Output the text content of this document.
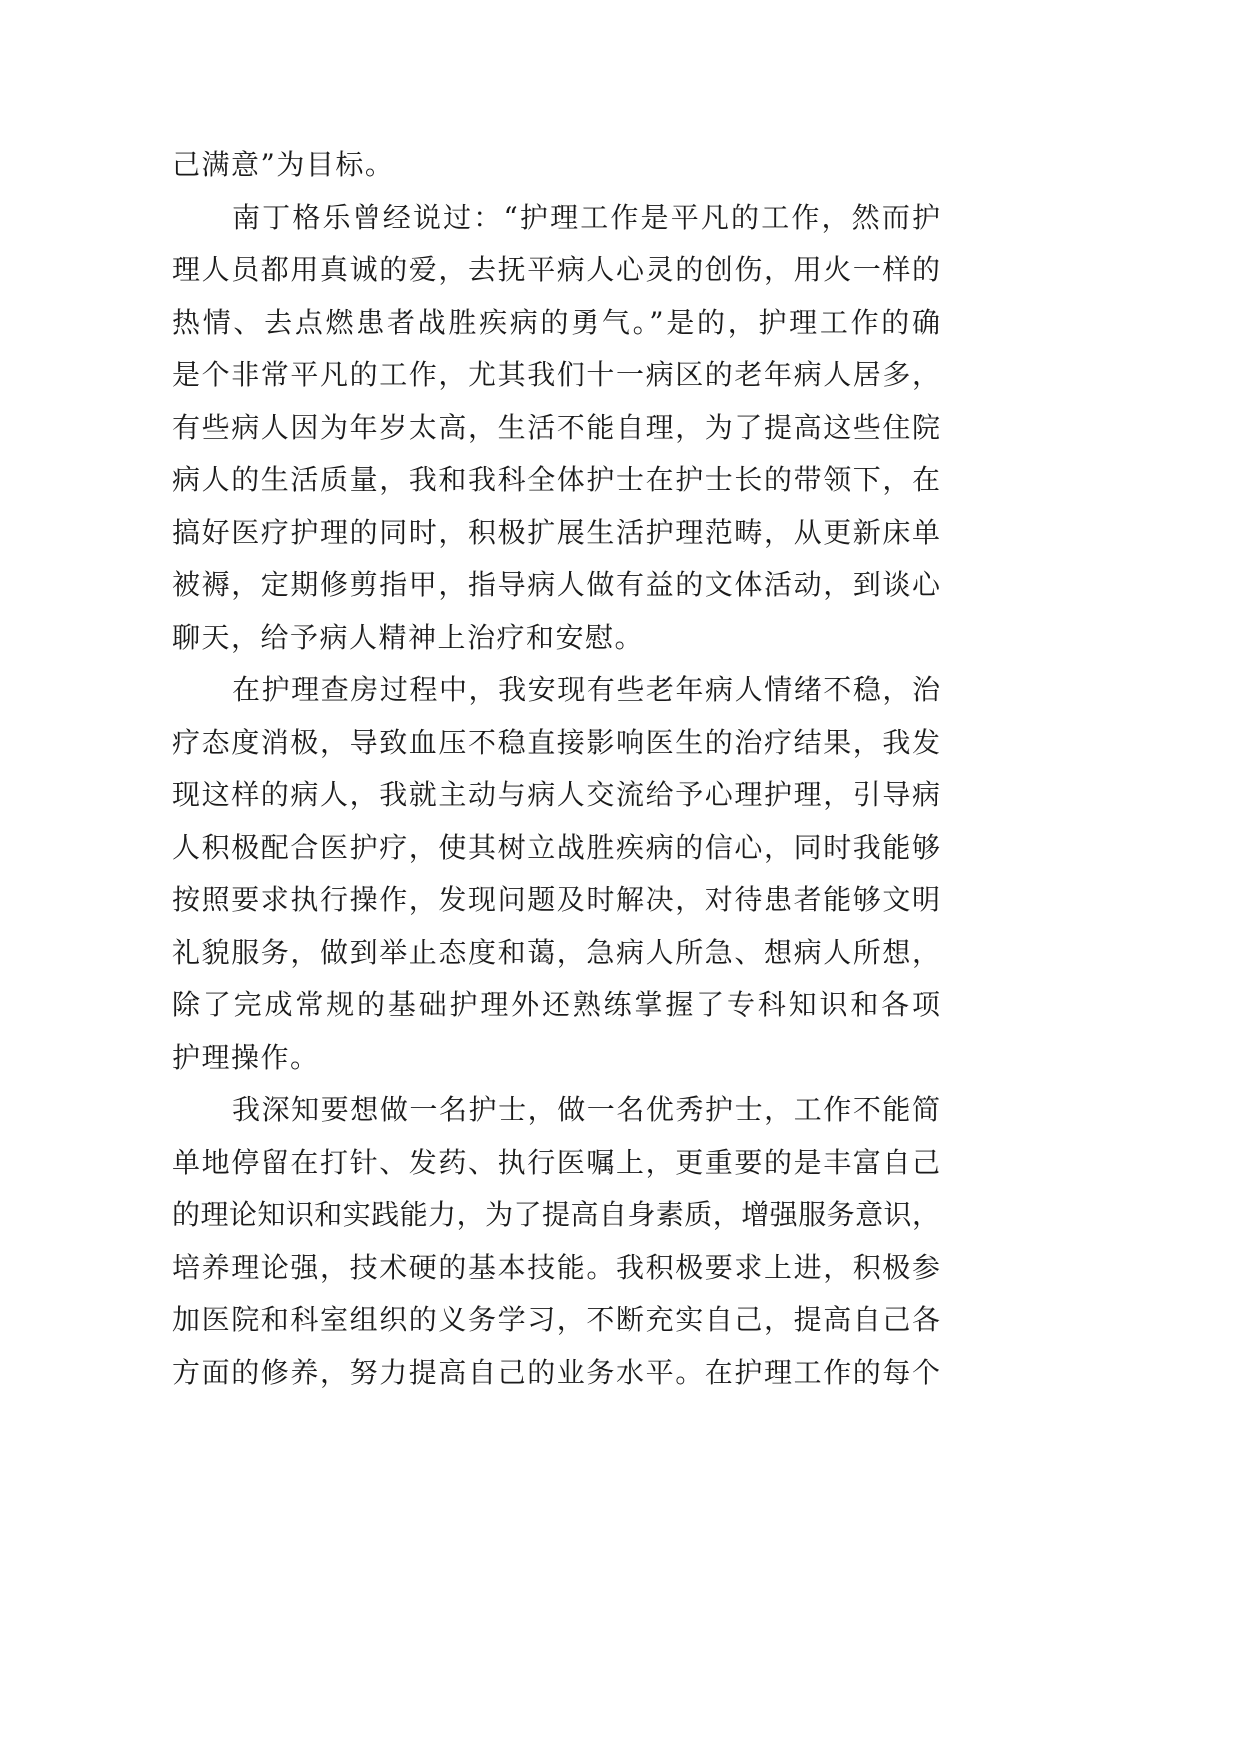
己满意”为目标。
南丁格乐曾经说过：“护理工作是平凡的工作，然而护
理人员都用真诚的爱，去抚平病人心灵的创伤，用火一样的
热情、去点燃患者战胜疾病的勇气。”是的，护理工作的确
是个非常平凡的工作，尤其我们十一病区的老年病人居多，
有些病人因为年岁太高，生活不能自理，为了提高这些住院
病人的生活质量，我和我科全体护士在护士长的带领下，在
搞好医疗护理的同时，积极扩展生活护理范畴，从更新床单
被褥，定期修剪指甲，指导病人做有益的文体活动，到谈心
聊天，给予病人精神上治疗和安慰。
在护理查房过程中，我安现有些老年病人情绪不稳，治
疗态度消极，导致血压不稳直接影响医生的治疗结果，我发
现这样的病人，我就主动与病人交流给予心理护理，引导病
人积极配合医护疗，使其树立战胜疾病的信心，同时我能够
按照要求执行操作，发现问题及时解决，对待患者能够文明
礼貌服务，做到举止态度和蔼，急病人所急、想病人所想，
除了完成常规的基础护理外还熟练掌握了专科知识和各项
护理操作。
我深知要想做一名护士，做一名优秀护士，工作不能简
单地停留在打针、发药、执行医嘱上，更重要的是丰富自己
的理论知识和实践能力，为了提高自身素质，增强服务意识，
培养理论强，技术硬的基本技能。我积极要求上进，积极参
加医院和科室组织的义务学习，不断充实自己，提高自己各
方面的修养，努力提高自己的业务水平。在护理工作的每个
